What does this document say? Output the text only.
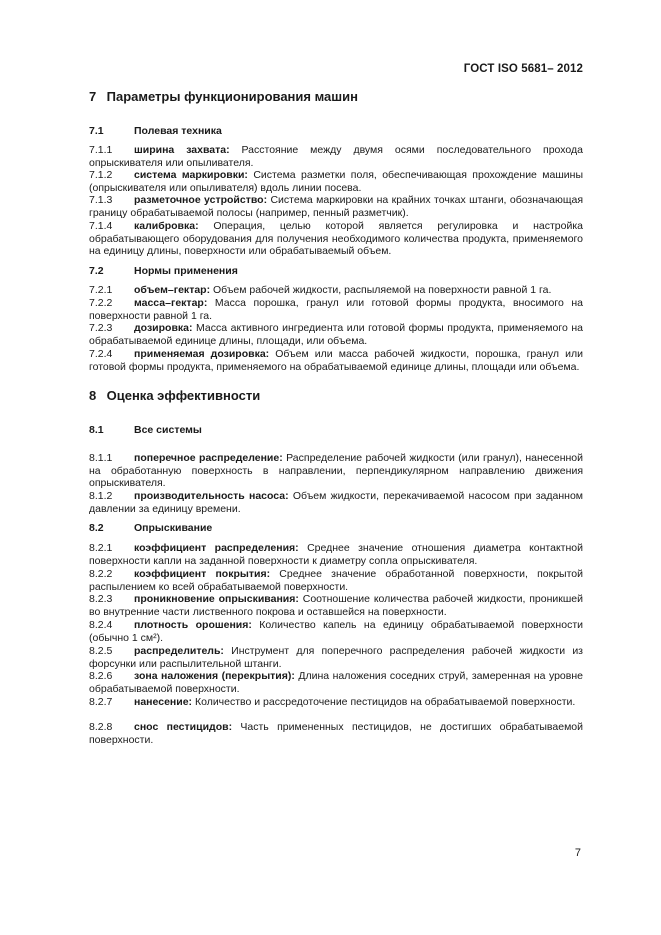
ГОСТ ISO 5681– 2012
7 Параметры функционирования машин
7.1	Полевая техника
7.1.1 ширина захвата: Расстояние между двумя осями последовательного прохода опрыскивателя или опыливателя.
7.1.2 система маркировки: Система разметки поля, обеспечивающая прохождение машины (опрыскивателя или опыливателя) вдоль линии посева.
7.1.3 разметочное устройство: Система маркировки на крайних точках штанги, обозначающая границу обрабатываемой полосы (например, пенный разметчик).
7.1.4 калибровка: Операция, целью которой является регулировка и настройка обрабатывающего оборудования для получения необходимого количества продукта, применяемого на единицу длины, поверхности или обрабатываемый объем.
7.2	Нормы применения
7.2.1 объем–гектар: Объем рабочей жидкости, распыляемой на поверхности равной 1 га.
7.2.2 масса–гектар: Масса порошка, гранул или готовой формы продукта, вносимого на поверхности равной 1 га.
7.2.3 дозировка: Масса активного ингредиента или готовой формы продукта, применяемого на обрабатываемой единице длины, площади, или объема.
7.2.4 применяемая дозировка: Объем или масса рабочей жидкости, порошка, гранул или готовой формы продукта, применяемого на обрабатываемой единице длины, площади или объема.
8 Оценка эффективности
8.1	Все системы
8.1.1 поперечное распределение: Распределение рабочей жидкости (или гранул), нанесенной на обработанную поверхность в направлении, перпендикулярном направлению движения опрыскивателя.
8.1.2 производительность насоса: Объем жидкости, перекачиваемой насосом при заданном давлении за единицу времени.
8.2	Опрыскивание
8.2.1 коэффициент распределения: Среднее значение отношения диаметра контактной поверхности капли на заданной поверхности к диаметру сопла опрыскивателя.
8.2.2 коэффициент покрытия: Среднее значение обработанной поверхности, покрытой распылением ко всей обрабатываемой поверхности.
8.2.3 проникновение опрыскивания: Соотношение количества рабочей жидкости, проникшей во внутренние части лиственного покрова и оставшейся на поверхности.
8.2.4 плотность орошения: Количество капель на единицу обрабатываемой поверхности (обычно 1 см²).
8.2.5 распределитель: Инструмент для поперечного распределения рабочей жидкости из форсунки или распылительной штанги.
8.2.6 зона наложения (перекрытия): Длина наложения соседних струй, замеренная на уровне обрабатываемой поверхности.
8.2.7 нанесение: Количество и рассредоточение пестицидов на обрабатываемой поверхности.
8.2.8 снос пестицидов: Часть примененных пестицидов, не достигших обрабатываемой поверхности.
7
